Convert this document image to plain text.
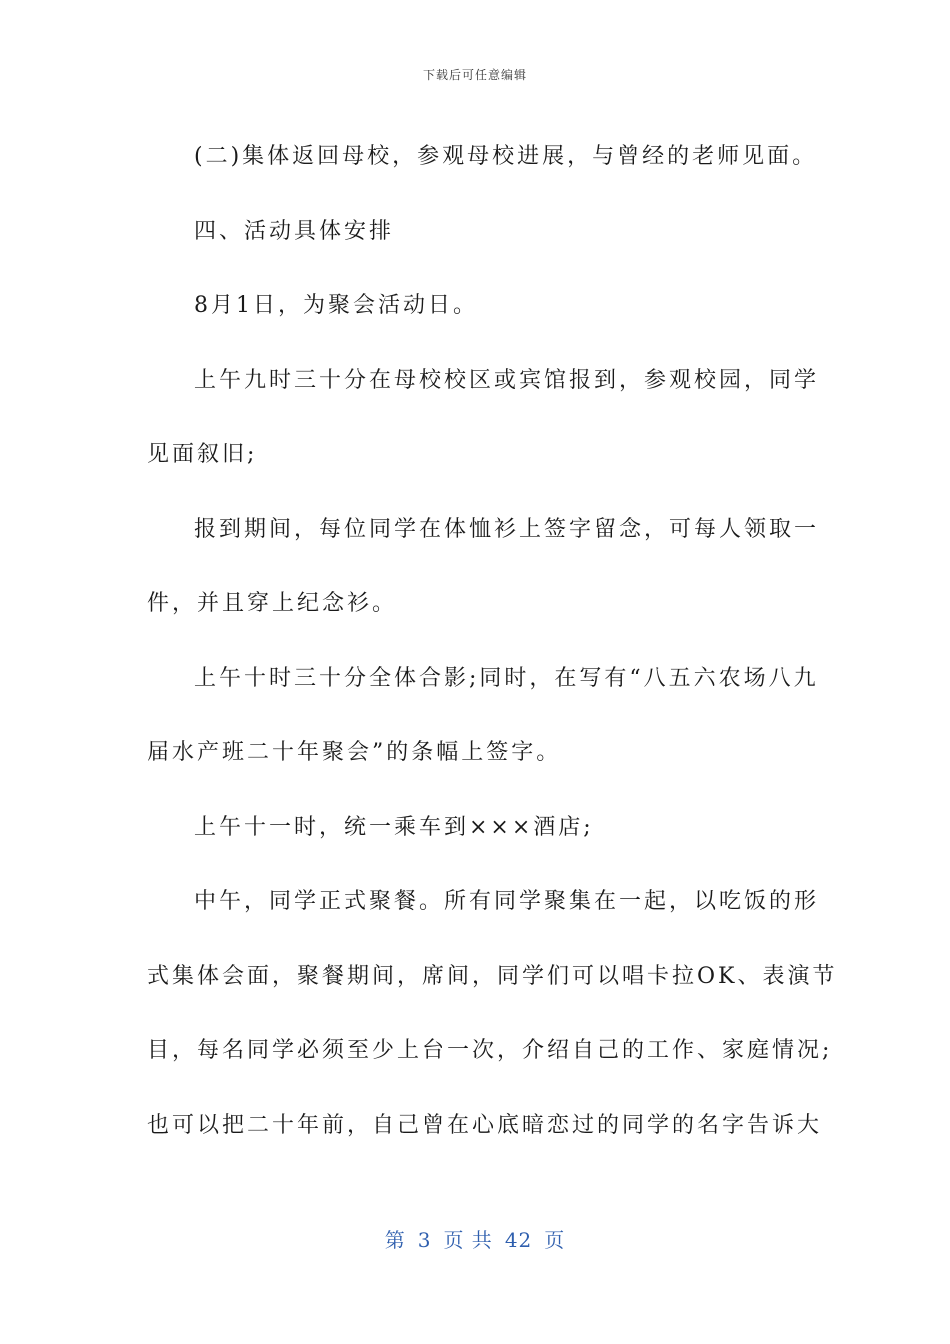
下载后可任意编辑

(二)集体返回母校，参观母校进展，与曾经的老师见面。

四、活动具体安排

8月1日，为聚会活动日。

上午九时三十分在母校校区或宾馆报到，参观校园，同学

见面叙旧;

报到期间，每位同学在体恤衫上签字留念，可每人领取一

件，并且穿上纪念衫。

上午十时三十分全体合影;同时，在写有“八五六农场八九

届水产班二十年聚会”的条幅上签字。

上午十一时，统一乘车到×××酒店;

中午，同学正式聚餐。所有同学聚集在一起，以吃饭的形

式集体会面，聚餐期间，席间，同学们可以唱卡拉OK、表演节

目，每名同学必须至少上台一次，介绍自己的工作、家庭情况;

也可以把二十年前，自己曾在心底暗恋过的同学的名字告诉大

第 3 页 共 42 页
